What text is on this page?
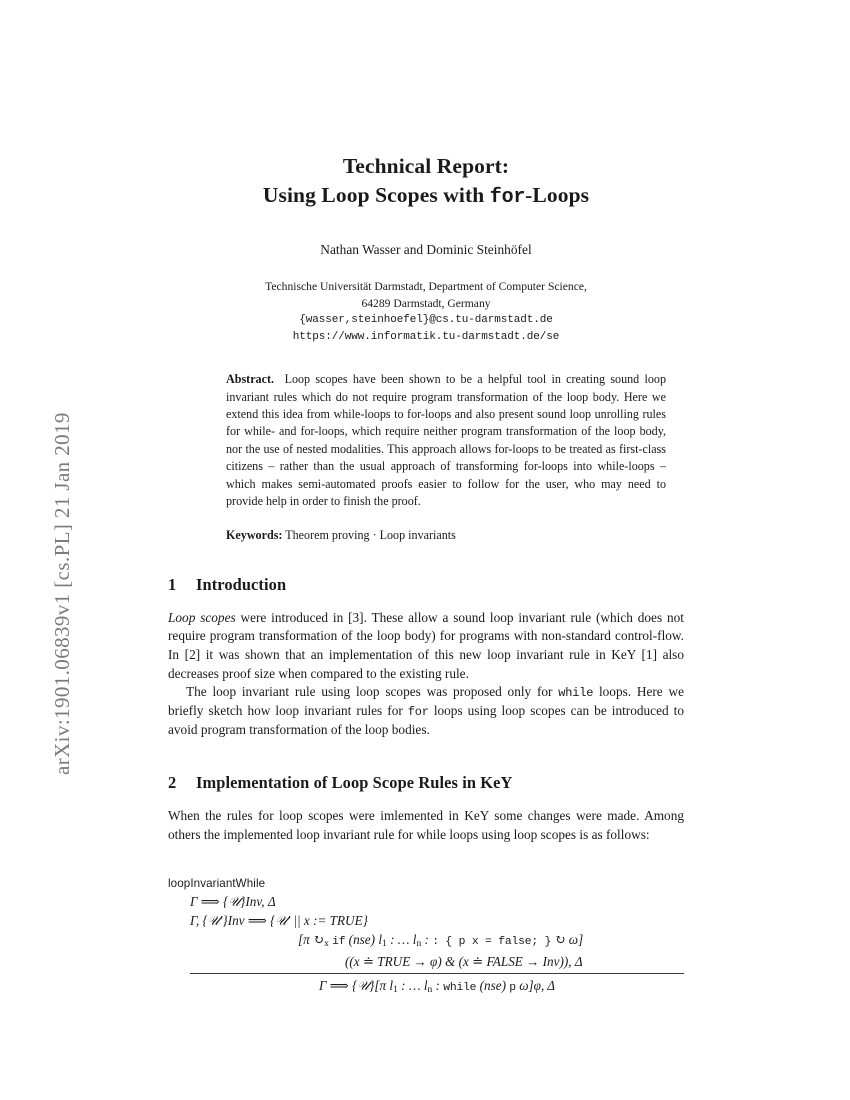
arXiv:1901.06839v1 [cs.PL] 21 Jan 2019
Technical Report:
Using Loop Scopes with for-Loops
Nathan Wasser and Dominic Steinhöfel
Technische Universität Darmstadt, Department of Computer Science,
64289 Darmstadt, Germany
{wasser,steinhoefel}@cs.tu-darmstadt.de
https://www.informatik.tu-darmstadt.de/se
Abstract. Loop scopes have been shown to be a helpful tool in creating sound loop invariant rules which do not require program transformation of the loop body. Here we extend this idea from while-loops to for-loops and also present sound loop unrolling rules for while- and for-loops, which require neither program transformation of the loop body, nor the use of nested modalities. This approach allows for-loops to be treated as first-class citizens – rather than the usual approach of transforming for-loops into while-loops – which makes semi-automated proofs easier to follow for the user, who may need to provide help in order to finish the proof.
Keywords: Theorem proving · Loop invariants
1	Introduction

Loop scopes were introduced in [3]. These allow a sound loop invariant rule (which does not require program transformation of the loop body) for programs with non-standard control-flow. In [2] it was shown that an implementation of this new loop invariant rule in KeY [1] also decreases proof size when compared to the existing rule.

The loop invariant rule using loop scopes was proposed only for while loops. Here we briefly sketch how loop invariant rules for for loops using loop scopes can be introduced to avoid program transformation of the loop bodies.

2	Implementation of Loop Scope Rules in KeY

When the rules for loop scopes were imlemented in KeY some changes were made. Among others the implemented loop invariant rule for while loops using loop scopes is as follows:

loopInvariantWhile
Γ ⟹ {𝒰}Inv, Δ
Γ, {𝒰′}Inv ⟹ {𝒰′ || x := TRUE}
[π $↻_x$ if (nse) $l_1$ : … $l_n$ : : { p x = false; } ↻ ω]
((x ≐ TRUE → φ) & (x ≐ FALSE → Inv)), Δ
Γ ⟹ {𝒰}[π $l_1$ : … $l_n$ : while (nse) p ω]φ, Δ
